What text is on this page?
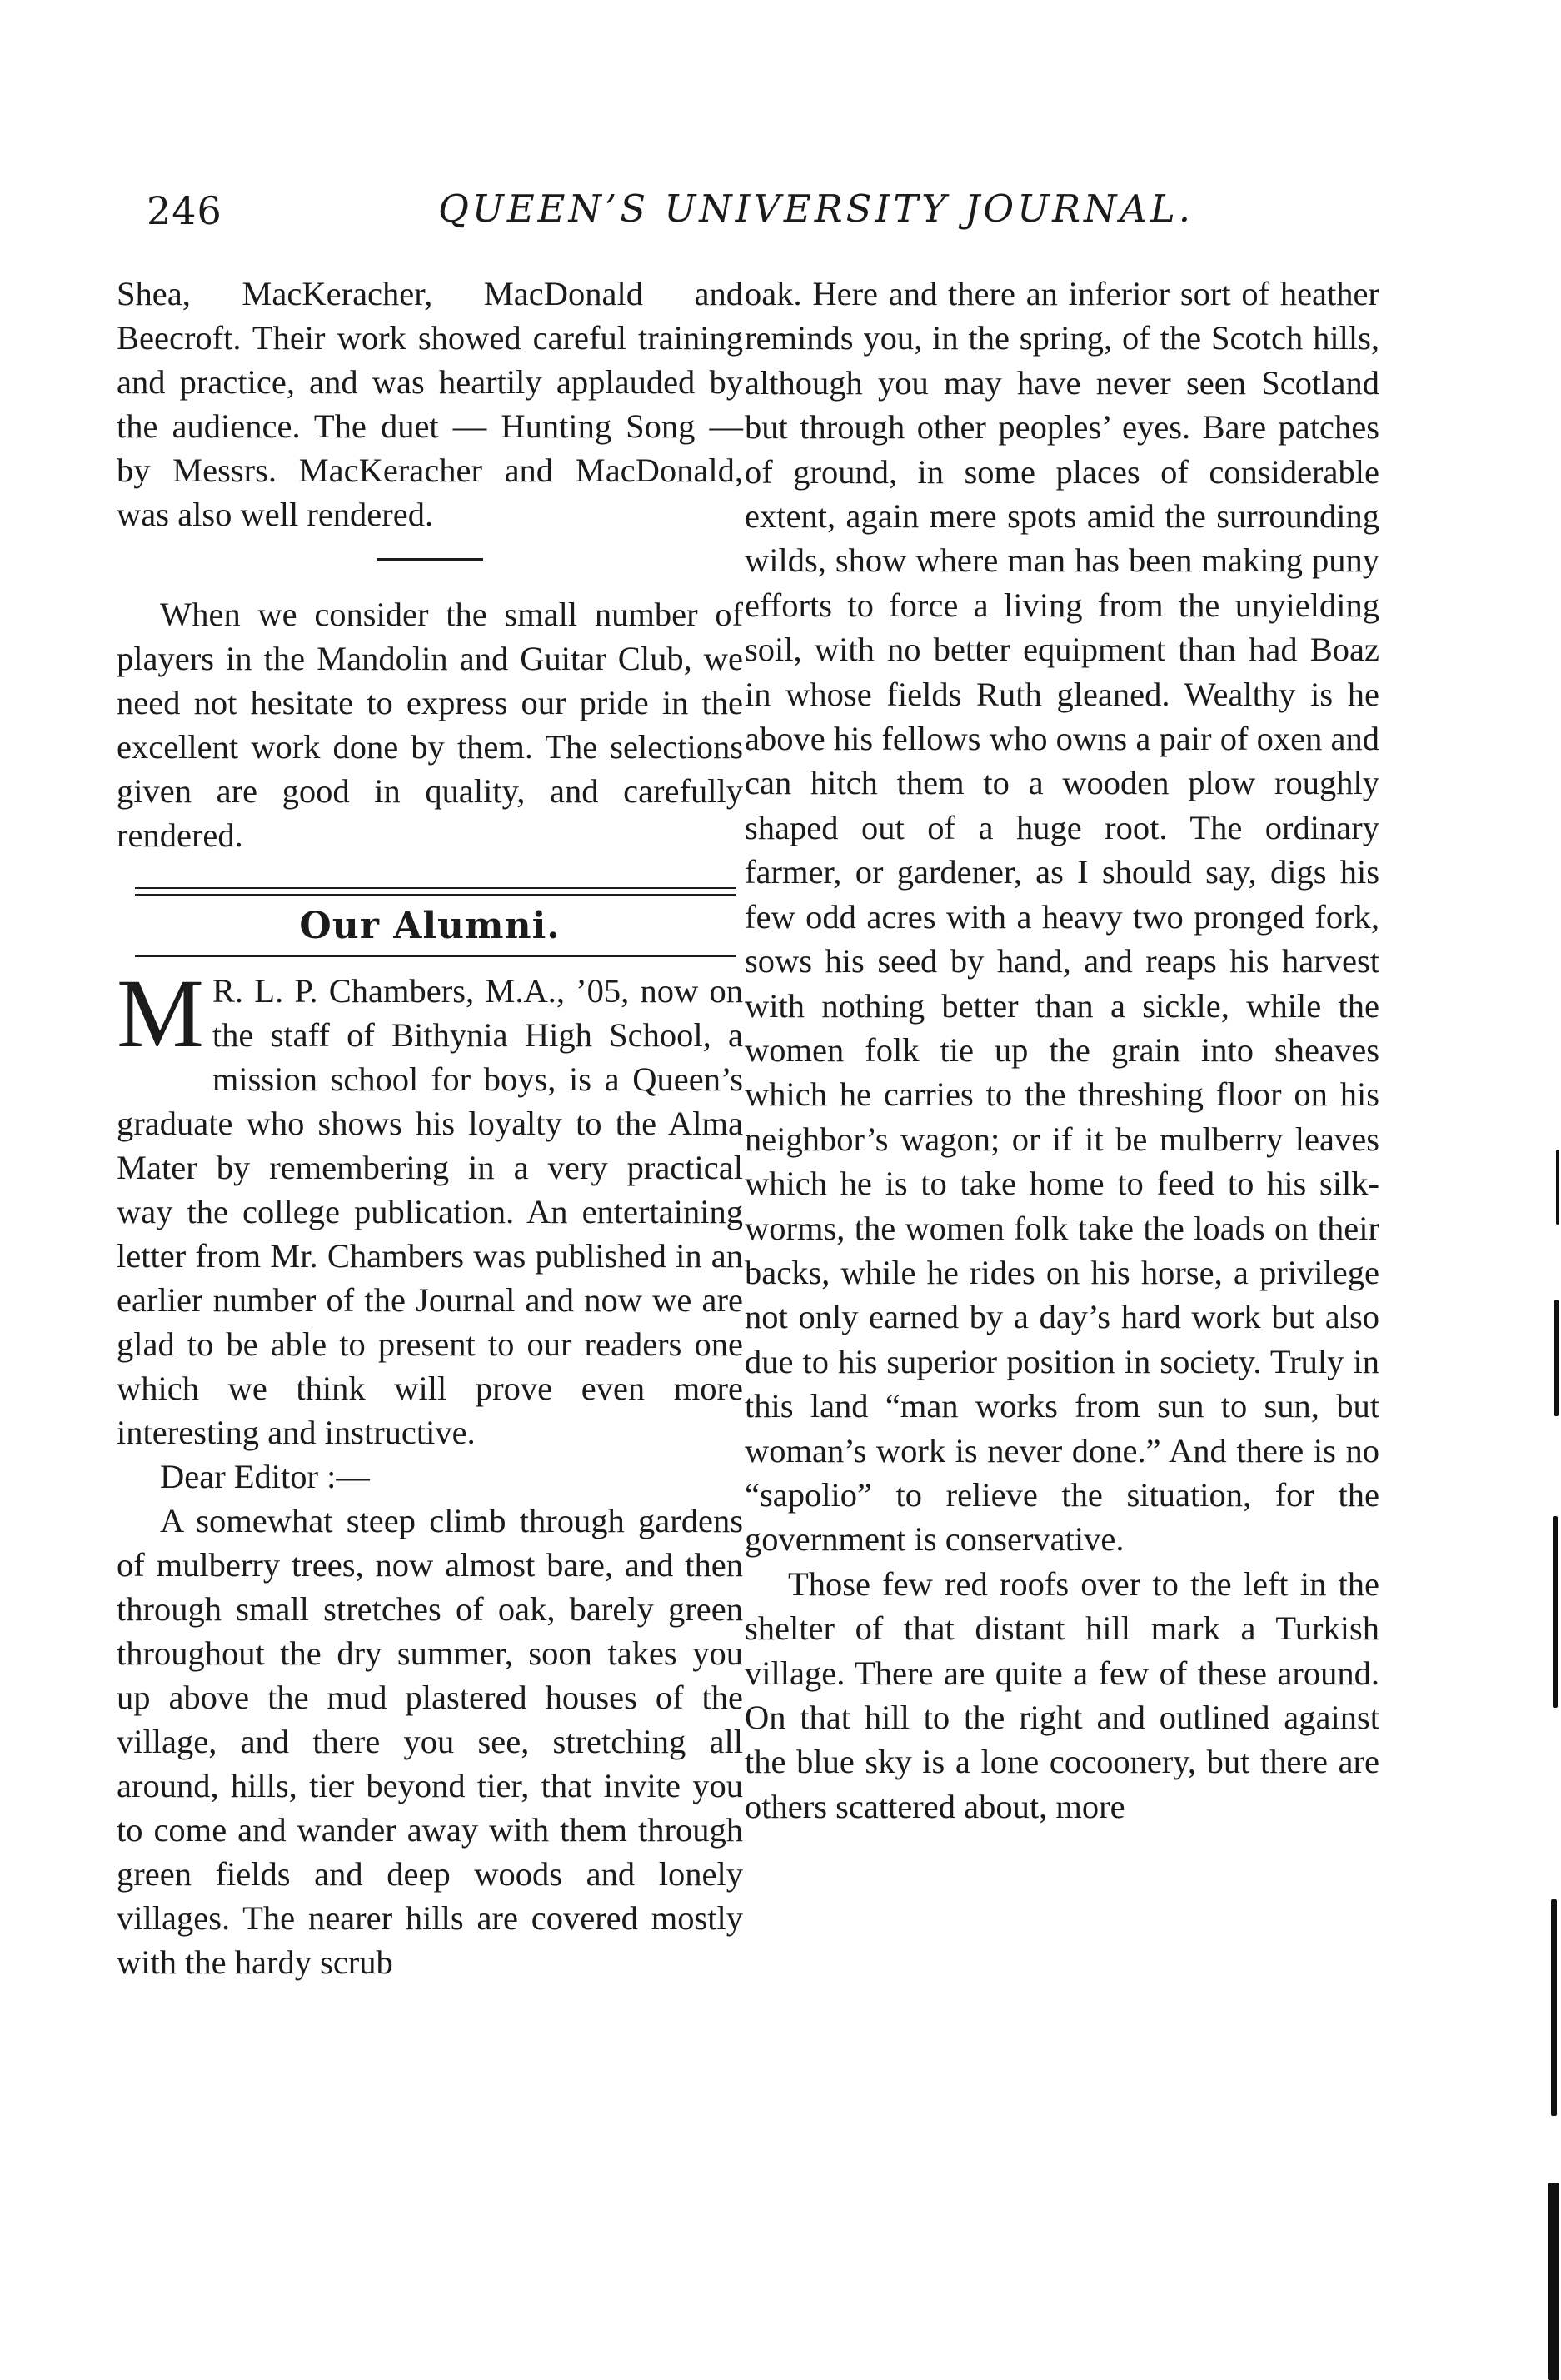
246	QUEEN’S UNIVERSITY JOURNAL.

Shea, MacKeracher, MacDonald and Beecroft. Their work showed careful training and practice, and was heartily applauded by the audience. The duet — Hunting Song — by Messrs. MacKeracher and MacDonald, was also well rendered.

When we consider the small number of players in the Mandolin and Guitar Club, we need not hesitate to express our pride in the excellent work done by them. The selections given are good in quality, and carefully rendered.

Our Alumni.

M R. L. P. Chambers, M.A., ’05, now on the staff of Bithynia High School, a mission school for boys, is a Queen’s graduate who shows his loyalty to the Alma Mater by remembering in a very practical way the college publication. An entertaining letter from Mr. Chambers was published in an earlier number of the Journal and now we are glad to be able to present to our readers one which we think will prove even more interesting and instructive.

Dear Editor :—

A somewhat steep climb through gardens of mulberry trees, now almost bare, and then through small stretches of oak, barely green throughout the dry summer, soon takes you up above the mud plastered houses of the village, and there you see, stretching all around, hills, tier beyond tier, that invite you to come and wander away with them through green fields and deep woods and lonely villages. The nearer hills are covered mostly with the hardy scrub

oak. Here and there an inferior sort of heather reminds you, in the spring, of the Scotch hills, although you may have never seen Scotland but through other peoples’ eyes. Bare patches of ground, in some places of considerable extent, again mere spots amid the surrounding wilds, show where man has been making puny efforts to force a living from the unyielding soil, with no better equipment than had Boaz in whose fields Ruth gleaned. Wealthy is he above his fellows who owns a pair of oxen and can hitch them to a wooden plow roughly shaped out of a huge root. The ordinary farmer, or gardener, as I should say, digs his few odd acres with a heavy two pronged fork, sows his seed by hand, and reaps his harvest with nothing better than a sickle, while the women folk tie up the grain into sheaves which he carries to the threshing floor on his neighbor’s wagon; or if it be mulberry leaves which he is to take home to feed to his silk-worms, the women folk take the loads on their backs, while he rides on his horse, a privilege not only earned by a day’s hard work but also due to his superior position in society. Truly in this land “man works from sun to sun, but woman’s work is never done.” And there is no “sapolio” to relieve the situation, for the government is conservative.

Those few red roofs over to the left in the shelter of that distant hill mark a Turkish village. There are quite a few of these around. On that hill to the right and outlined against the blue sky is a lone cocoonery, but there are others scattered about, more
